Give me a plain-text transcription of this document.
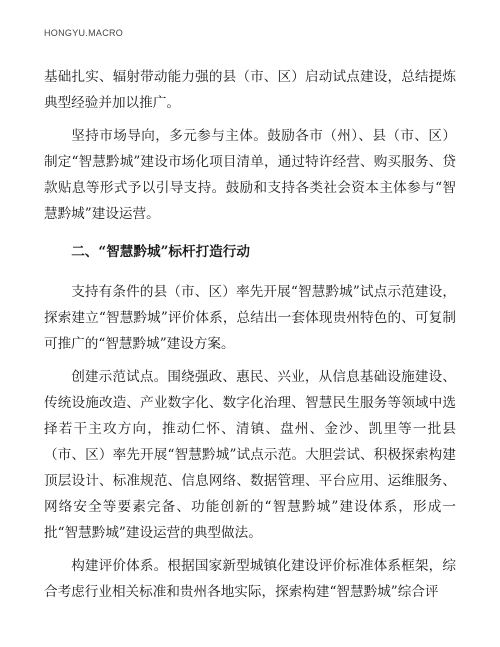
HONGYU.MACRO

基础扎实、辐射带动能力强的县（市、区）启动试点建设，总结提炼典型经验并加以推广。

坚持市场导向，多元参与主体。鼓励各市（州）、县（市、区）制定“智慧黔城”建设市场化项目清单，通过特许经营、购买服务、贷款贴息等形式予以引导支持。鼓励和支持各类社会资本主体参与“智慧黔城”建设运营。

二、“智慧黔城”标杆打造行动

支持有条件的县（市、区）率先开展“智慧黔城”试点示范建设，探索建立“智慧黔城”评价体系，总结出一套体现贵州特色的、可复制可推广的“智慧黔城”建设方案。

创建示范试点。围绕强政、惠民、兴业，从信息基础设施建设、传统设施改造、产业数字化、数字化治理、智慧民生服务等领域中选择若干主攻方向，推动仁怀、清镇、盘州、金沙、凯里等一批县（市、区）率先开展“智慧黔城”试点示范。大胆尝试、积极探索构建顶层设计、标准规范、信息网络、数据管理、平台应用、运维服务、网络安全等要素完备、功能创新的“智慧黔城”建设体系，形成一批“智慧黔城”建设运营的典型做法。

构建评价体系。根据国家新型城镇化建设评价标准体系框架，综合考虑行业相关标准和贵州各地实际，探索构建“智慧黔城”综合评
